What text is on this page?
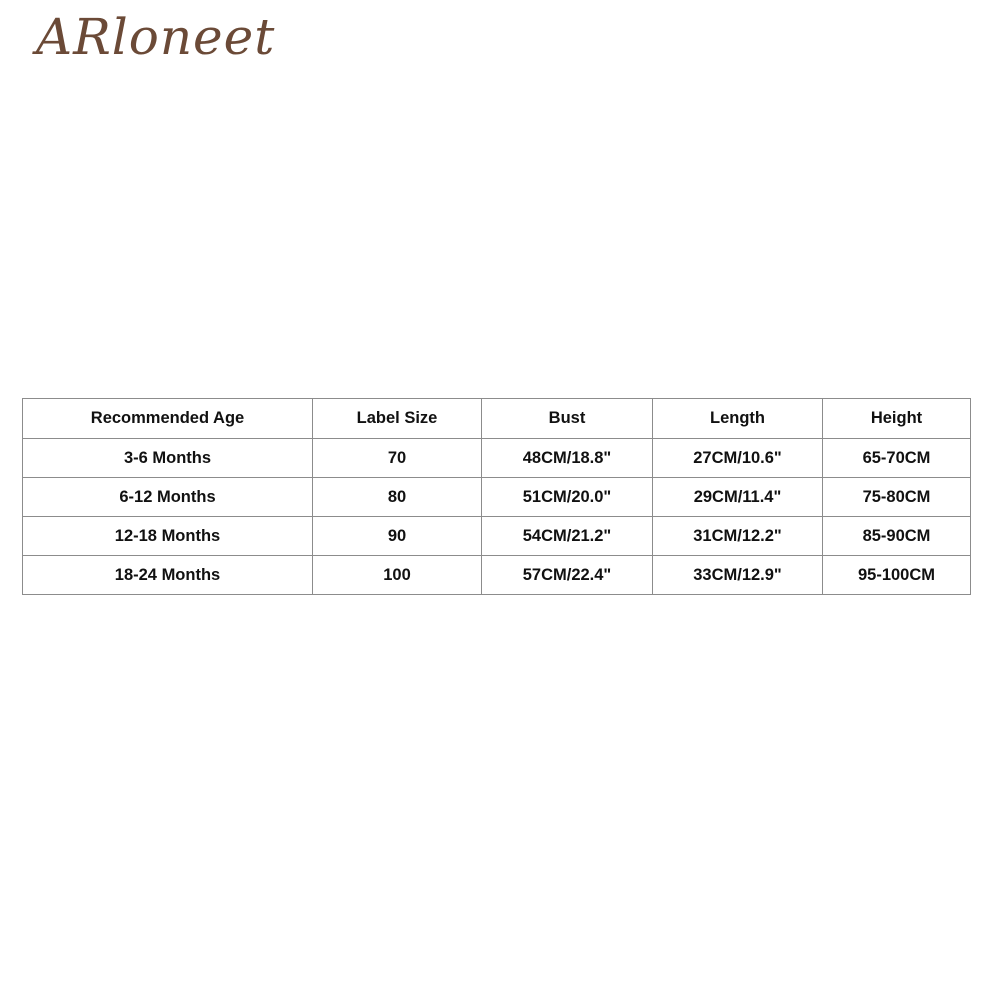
ARloneet
Recommended Age	Label Size	Bust	Length	Height
3-6 Months	70	48CM/18.8"	27CM/10.6"	65-70CM
6-12 Months	80	51CM/20.0"	29CM/11.4"	75-80CM
12-18 Months	90	54CM/21.2"	31CM/12.2"	85-90CM
18-24 Months	100	57CM/22.4"	33CM/12.9"	95-100CM
